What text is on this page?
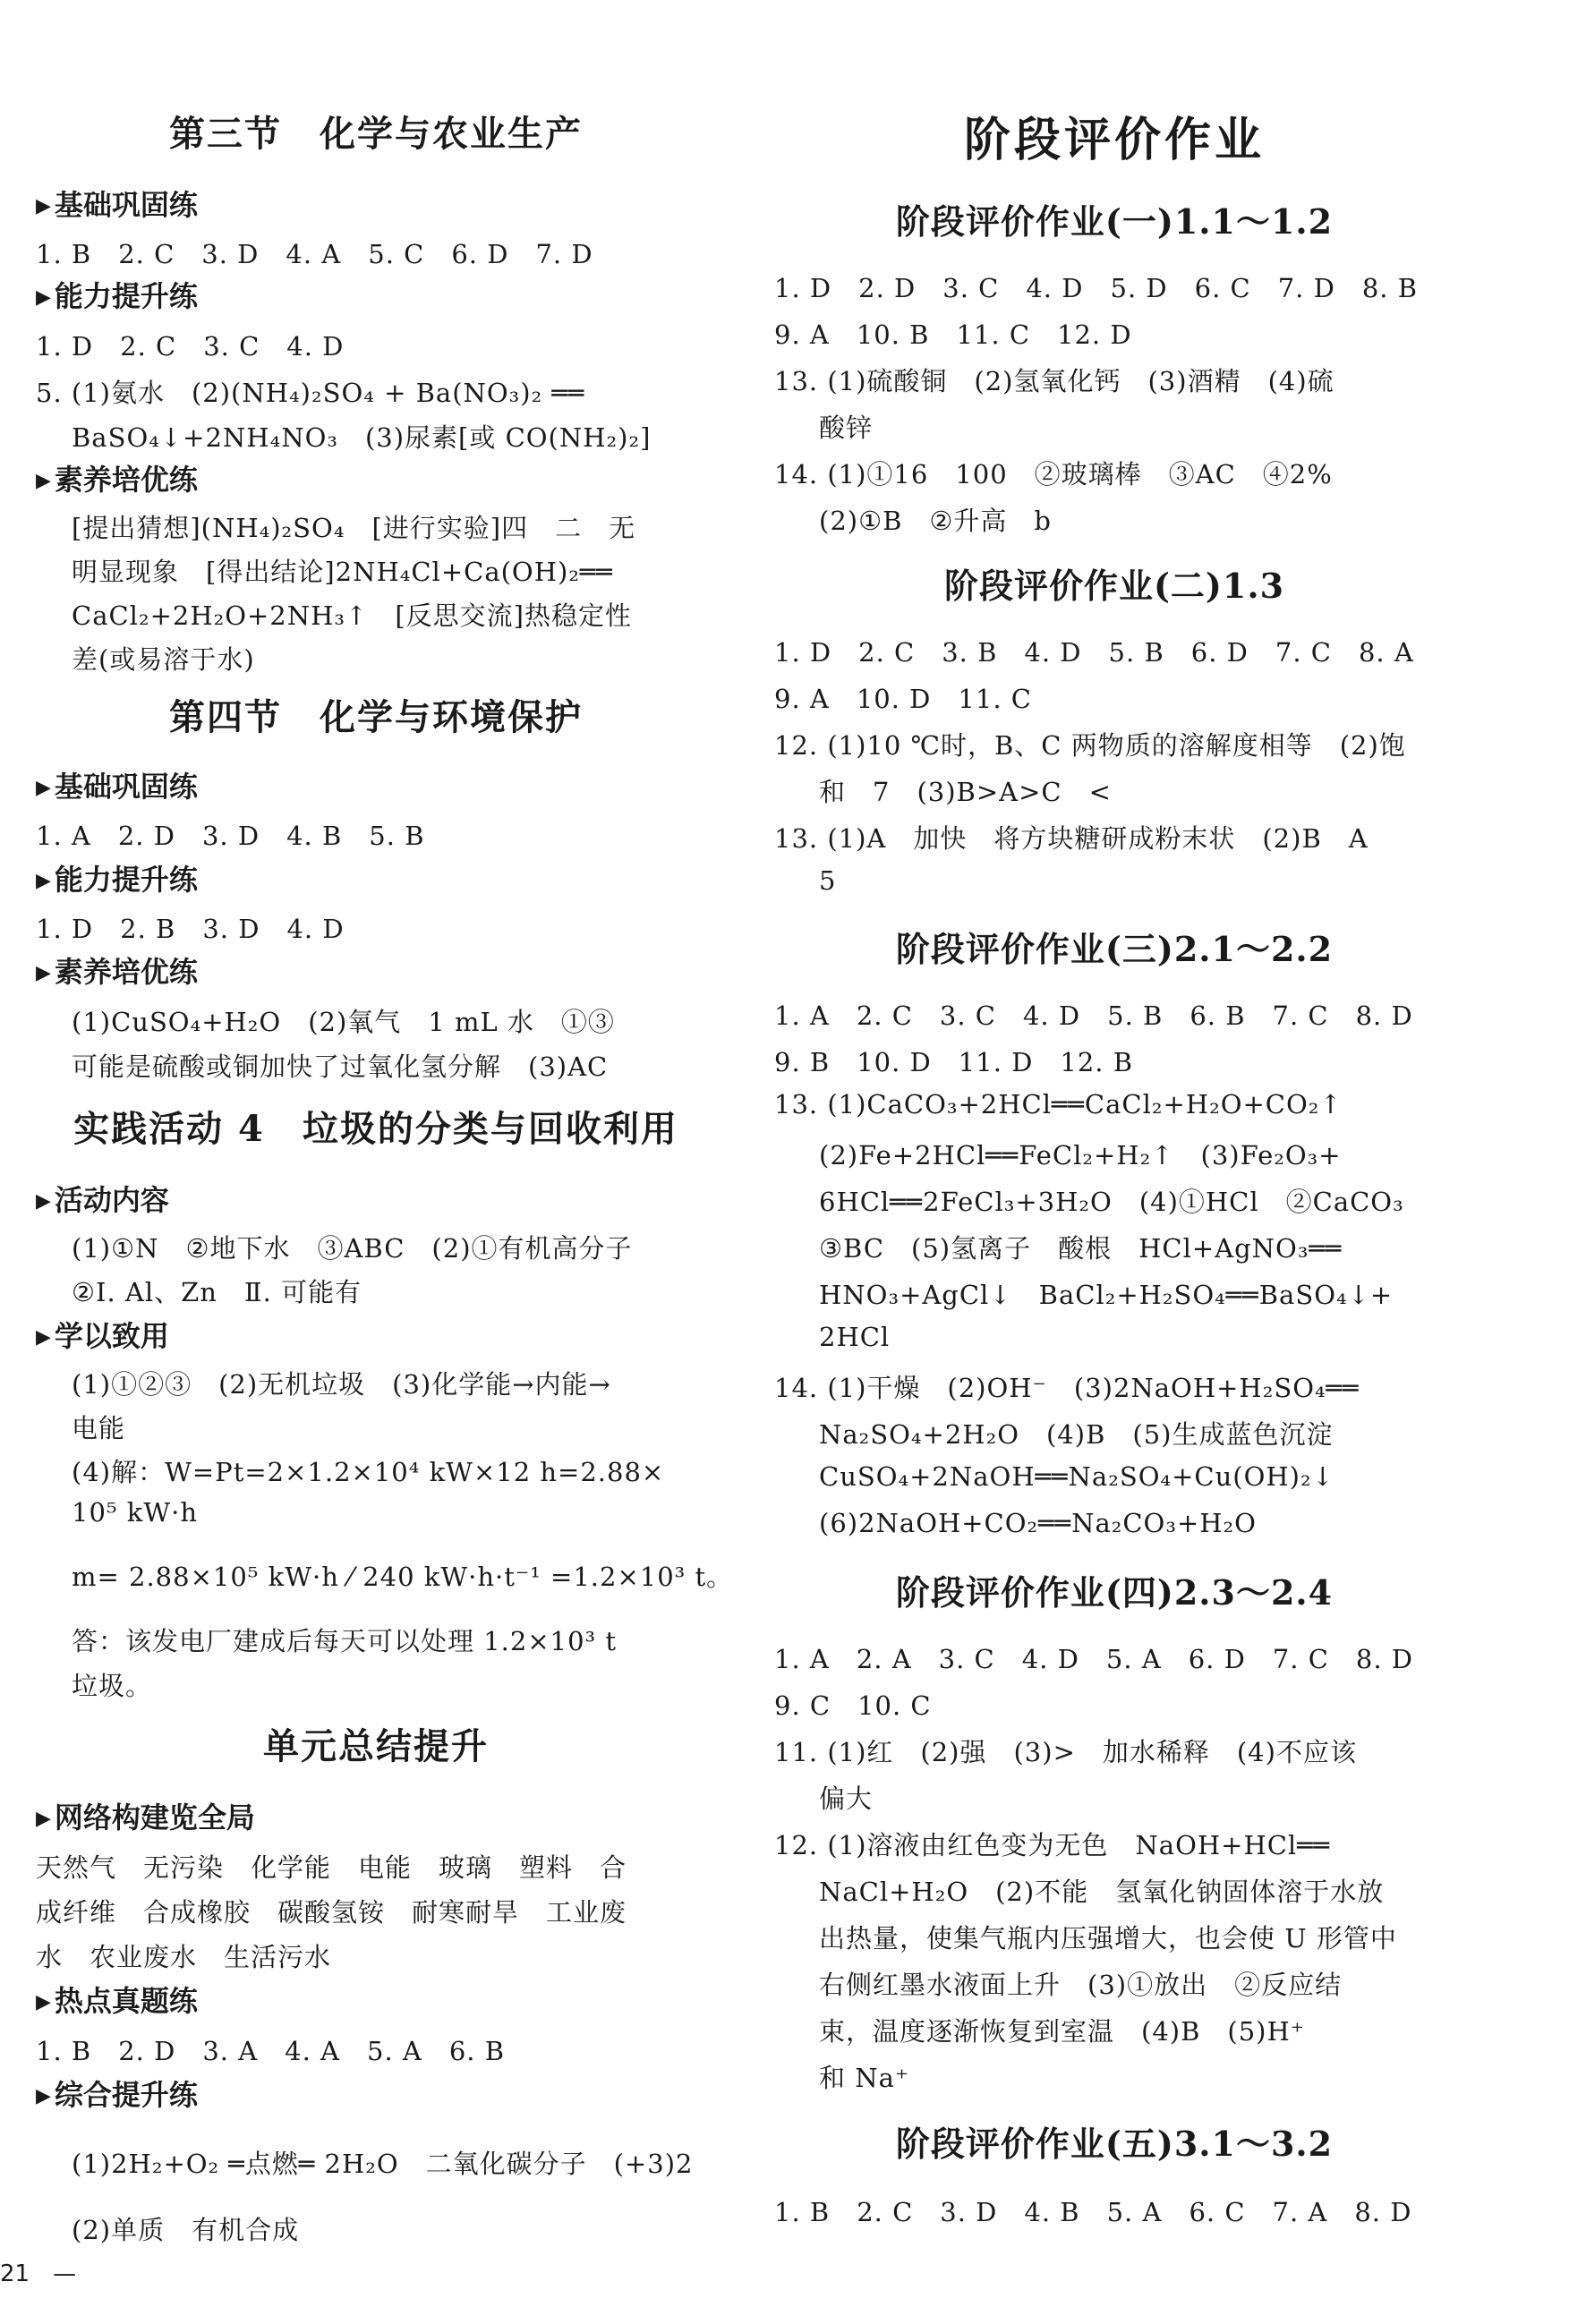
第三节　化学与农业生产
▶ 基础巩固练
1. B　2. C　3. D　4. A　5. C　6. D　7. D
▶ 能力提升练
1. D　2. C　3. C　4. D
5. (1)氨水　(2)(NH₄)₂SO₄ + Ba(NO₃)₂ ══
BaSO₄↓+2NH₄NO₃　(3)尿素[或 CO(NH₂)₂]
▶ 素养培优练
[提出猜想](NH₄)₂SO₄　[进行实验]四　二　无
明显现象　[得出结论]2NH₄Cl+Ca(OH)₂══
CaCl₂+2H₂O+2NH₃↑　[反思交流]热稳定性
差(或易溶于水)
第四节　化学与环境保护
▶ 基础巩固练
1. A　2. D　3. D　4. B　5. B
▶ 能力提升练
1. D　2. B　3. D　4. D
▶ 素养培优练
(1)CuSO₄+H₂O　(2)氧气　1 mL 水　①③
可能是硫酸或铜加快了过氧化氢分解　(3)AC
实践活动 4　垃圾的分类与回收利用
▶ 活动内容
(1)①N　②地下水　③ABC　(2)①有机高分子
②Ⅰ. Al、Zn　Ⅱ. 可能有
▶ 学以致用
(1)①②③　(2)无机垃圾　(3)化学能→内能→
电能
(4)解：W=Pt=2×1.2×10⁴ kW×12 h=2.88×
10⁵ kW·h
m= 2.88×10⁵ kW·h ⁄ 240 kW·h·t⁻¹ =1.2×10³ t。
答：该发电厂建成后每天可以处理 1.2×10³ t
垃圾。
单元总结提升
▶ 网络构建览全局
天然气　无污染　化学能　电能　玻璃　塑料　合
成纤维　合成橡胶　碳酸氢铵　耐寒耐旱　工业废
水　农业废水　生活污水
▶ 热点真题练
1. B　2. D　3. A　4. A　5. A　6. B
▶ 综合提升练
(1)2H₂+O₂ ═点燃═ 2H₂O　二氧化碳分子　(+3)2
(2)单质　有机合成
阶段评价作业
阶段评价作业(一)1.1～1.2
1. D　2. D　3. C　4. D　5. D　6. C　7. D　8. B
9. A　10. B　11. C　12. D
13. (1)硫酸铜　(2)氢氧化钙　(3)酒精　(4)硫
酸锌
14. (1)①16　100　②玻璃棒　③AC　④2%
(2)①B　②升高　b
阶段评价作业(二)1.3
1. D　2. C　3. B　4. D　5. B　6. D　7. C　8. A
9. A　10. D　11. C
12. (1)10 ℃时，B、C 两物质的溶解度相等　(2)饱
和　7　(3)B>A>C　<
13. (1)A　加快　将方块糖研成粉末状　(2)B　A
5
阶段评价作业(三)2.1～2.2
1. A　2. C　3. C　4. D　5. B　6. B　7. C　8. D
9. B　10. D　11. D　12. B
13. (1)CaCO₃+2HCl══CaCl₂+H₂O+CO₂↑
(2)Fe+2HCl══FeCl₂+H₂↑　(3)Fe₂O₃+
6HCl══2FeCl₃+3H₂O　(4)①HCl　②CaCO₃
③BC　(5)氢离子　酸根　HCl+AgNO₃══
HNO₃+AgCl↓　BaCl₂+H₂SO₄══BaSO₄↓+
2HCl
14. (1)干燥　(2)OH⁻　(3)2NaOH+H₂SO₄══
Na₂SO₄+2H₂O　(4)B　(5)生成蓝色沉淀
CuSO₄+2NaOH══Na₂SO₄+Cu(OH)₂↓
(6)2NaOH+CO₂══Na₂CO₃+H₂O
阶段评价作业(四)2.3～2.4
1. A　2. A　3. C　4. D　5. A　6. D　7. C　8. D
9. C　10. C
11. (1)红　(2)强　(3)>　加水稀释　(4)不应该
偏大
12. (1)溶液由红色变为无色　NaOH+HCl══
NaCl+H₂O　(2)不能　氢氧化钠固体溶于水放
出热量，使集气瓶内压强增大，也会使 U 形管中
右侧红墨水液面上升　(3)①放出　②反应结
束，温度逐渐恢复到室温　(4)B　(5)H⁺
和 Na⁺
阶段评价作业(五)3.1～3.2
1. B　2. C　3. D　4. B　5. A　6. C　7. A　8. D
21　—
